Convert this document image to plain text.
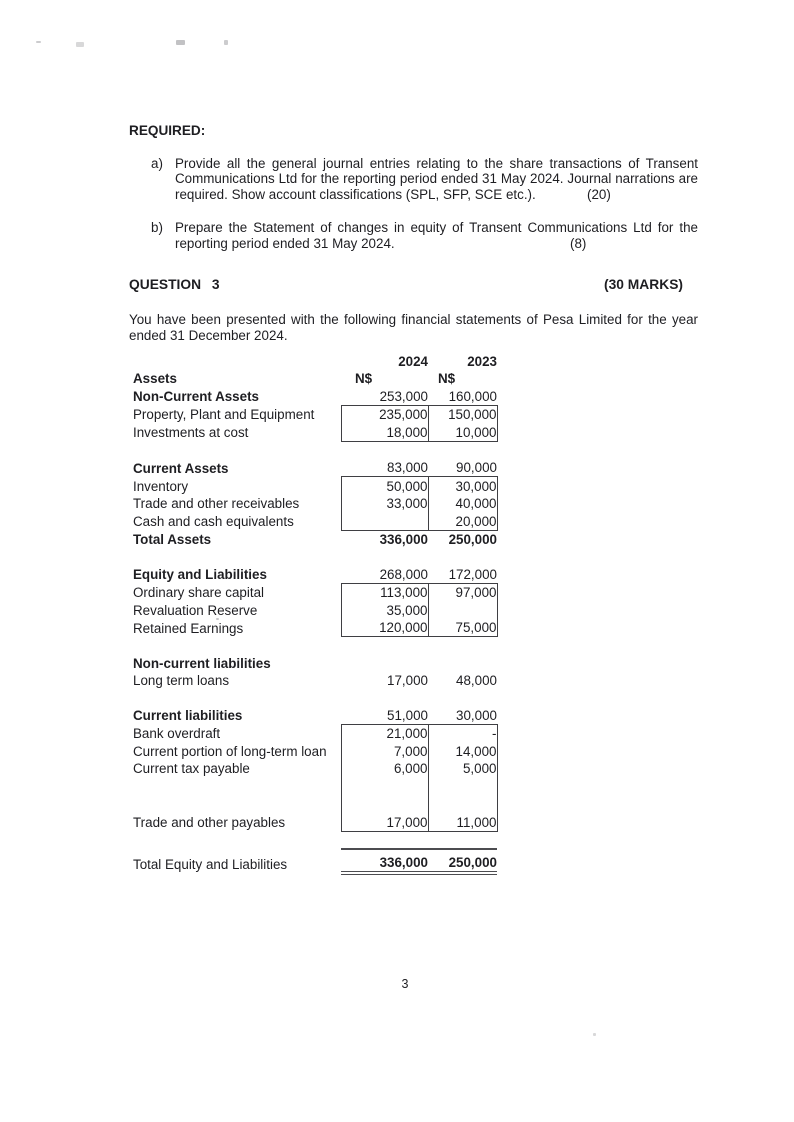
REQUIRED:
a) Provide all the general journal entries relating to the share transactions of Transent Communications Ltd for the reporting period ended 31 May 2024. Journal narrations are required. Show account classifications (SPL, SFP, SCE etc.).	(20)
b) Prepare the Statement of changes in equity of Transent Communications Ltd for the reporting period ended 31 May 2024.	(8)
QUESTION 3	(30 MARKS)
You have been presented with the following financial statements of Pesa Limited for the year ended 31 December 2024.
	2024	2023
Assets	N$	N$
Non-Current Assets	253,000	160,000
Property, Plant and Equipment	235,000	150,000
Investments at cost	18,000	10,000

Current Assets	83,000	90,000
Inventory	50,000	30,000
Trade and other receivables	33,000	40,000
Cash and cash equivalents		20,000
Total Assets	336,000	250,000

Equity and Liabilities	268,000	172,000
Ordinary share capital	113,000	97,000
Revaluation Reserve	35,000	
Retained Earnings	120,000	75,000

Non-current liabilities		
Long term loans	17,000	48,000

Current liabilities	51,000	30,000
Bank overdraft	21,000	-
Current portion of long-term loan	7,000	14,000
Current tax payable	6,000	5,000

Trade and other payables	17,000	11,000

Total Equity and Liabilities	336,000	250,000
3
